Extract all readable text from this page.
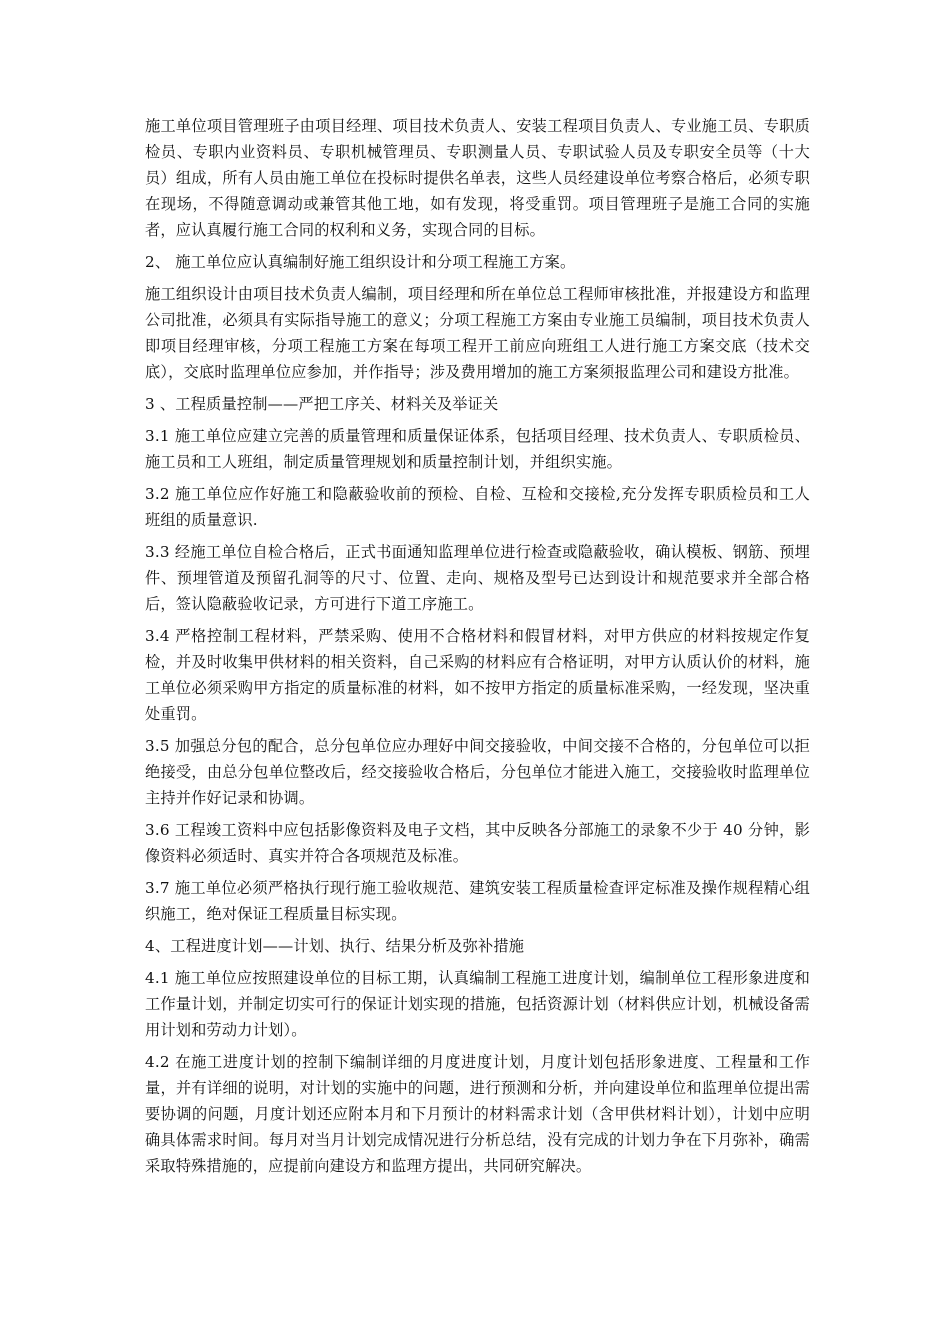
施工单位项目管理班子由项目经理、项目技术负责人、安装工程项目负责人、专业施工员、专职质检员、专职内业资料员、专职机械管理员、专职测量人员、专职试验人员及专职安全员等（十大员）组成，所有人员由施工单位在投标时提供名单表，这些人员经建设单位考察合格后，必须专职在现场，不得随意调动或兼管其他工地，如有发现，将受重罚。项目管理班子是施工合同的实施者，应认真履行施工合同的权利和义务，实现合同的目标。

2、 施工单位应认真编制好施工组织设计和分项工程施工方案。

施工组织设计由项目技术负责人编制，项目经理和所在单位总工程师审核批准，并报建设方和监理公司批准，必须具有实际指导施工的意义；分项工程施工方案由专业施工员编制，项目技术负责人即项目经理审核，分项工程施工方案在每项工程开工前应向班组工人进行施工方案交底（技术交底），交底时监理单位应参加，并作指导；涉及费用增加的施工方案须报监理公司和建设方批准。

3 、工程质量控制——严把工序关、材料关及举证关

3.1 施工单位应建立完善的质量管理和质量保证体系，包括项目经理、技术负责人、专职质检员、施工员和工人班组，制定质量管理规划和质量控制计划，并组织实施。

3.2 施工单位应作好施工和隐蔽验收前的预检、自检、互检和交接检,充分发挥专职质检员和工人班组的质量意识.

3.3 经施工单位自检合格后，正式书面通知监理单位进行检查或隐蔽验收，确认模板、钢筋、预埋件、预埋管道及预留孔洞等的尺寸、位置、走向、规格及型号已达到设计和规范要求并全部合格后，签认隐蔽验收记录，方可进行下道工序施工。

3.4 严格控制工程材料，严禁采购、使用不合格材料和假冒材料，对甲方供应的材料按规定作复检，并及时收集甲供材料的相关资料，自己采购的材料应有合格证明，对甲方认质认价的材料，施工单位必须采购甲方指定的质量标准的材料，如不按甲方指定的质量标准采购，一经发现，坚决重处重罚。

3.5 加强总分包的配合，总分包单位应办理好中间交接验收，中间交接不合格的，分包单位可以拒绝接受，由总分包单位整改后，经交接验收合格后，分包单位才能进入施工，交接验收时监理单位主持并作好记录和协调。

3.6 工程竣工资料中应包括影像资料及电子文档，其中反映各分部施工的录象不少于 40 分钟，影像资料必须适时、真实并符合各项规范及标准。

3.7 施工单位必须严格执行现行施工验收规范、建筑安装工程质量检查评定标准及操作规程精心组织施工，绝对保证工程质量目标实现。

4、工程进度计划——计划、执行、结果分析及弥补措施

4.1 施工单位应按照建设单位的目标工期，认真编制工程施工进度计划，编制单位工程形象进度和工作量计划，并制定切实可行的保证计划实现的措施，包括资源计划（材料供应计划，机械设备需用计划和劳动力计划）。

4.2 在施工进度计划的控制下编制详细的月度进度计划，月度计划包括形象进度、工程量和工作量，并有详细的说明，对计划的实施中的问题，进行预测和分析，并向建设单位和监理单位提出需要协调的问题，月度计划还应附本月和下月预计的材料需求计划（含甲供材料计划），计划中应明确具体需求时间。每月对当月计划完成情况进行分析总结，没有完成的计划力争在下月弥补，确需采取特殊措施的，应提前向建设方和监理方提出，共同研究解决。
